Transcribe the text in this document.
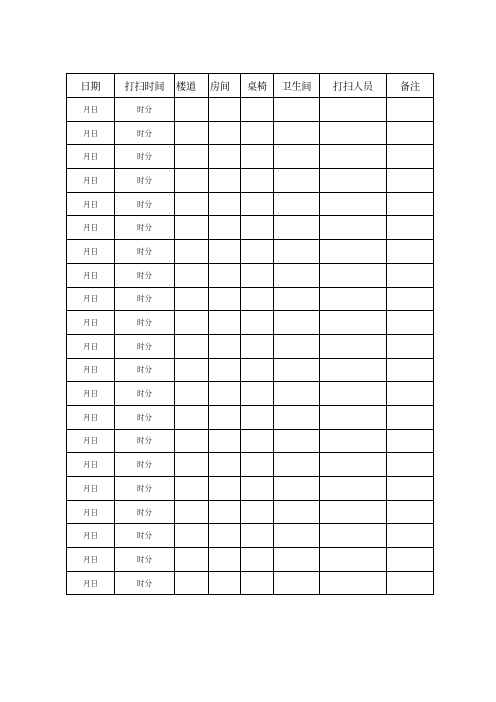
日期	打扫时间	楼道	房间	桌椅	卫生间	打扫人员	备注
月日	时分						
月日	时分						
月日	时分						
月日	时分						
月日	时分						
月日	时分						
月日	时分						
月日	时分						
月日	时分						
月日	时分						
月日	时分						
月日	时分						
月日	时分						
月日	时分						
月日	时分						
月日	时分						
月日	时分						
月日	时分						
月日	时分						
月日	时分						
月日	时分						
